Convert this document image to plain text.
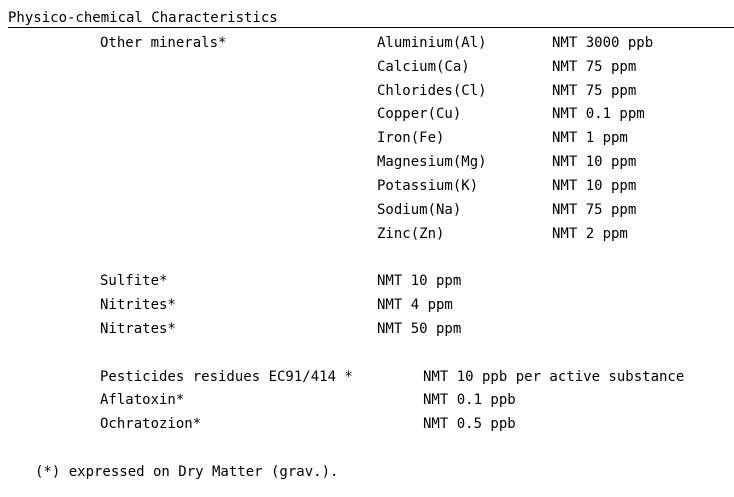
Physico-chemical Characteristics
Other minerals*	Aluminium(Al)	NMT 3000 ppb
Calcium(Ca)	NMT 75 ppm
Chlorides(Cl)	NMT 75 ppm
Copper(Cu)	NMT 0.1 ppm
Iron(Fe)	NMT 1 ppm
Magnesium(Mg)	NMT 10 ppm
Potassium(K)	NMT 10 ppm
Sodium(Na)	NMT 75 ppm
Zinc(Zn)	NMT 2 ppm
Sulfite*	NMT 10 ppm
Nitrites*	NMT 4 ppm
Nitrates*	NMT 50 ppm
Pesticides residues EC91/414 *	NMT 10 ppb per active substance
Aflatoxin*	NMT 0.1 ppb
Ochratozion*	NMT 0.5 ppb
(*) expressed on Dry Matter (grav.).
